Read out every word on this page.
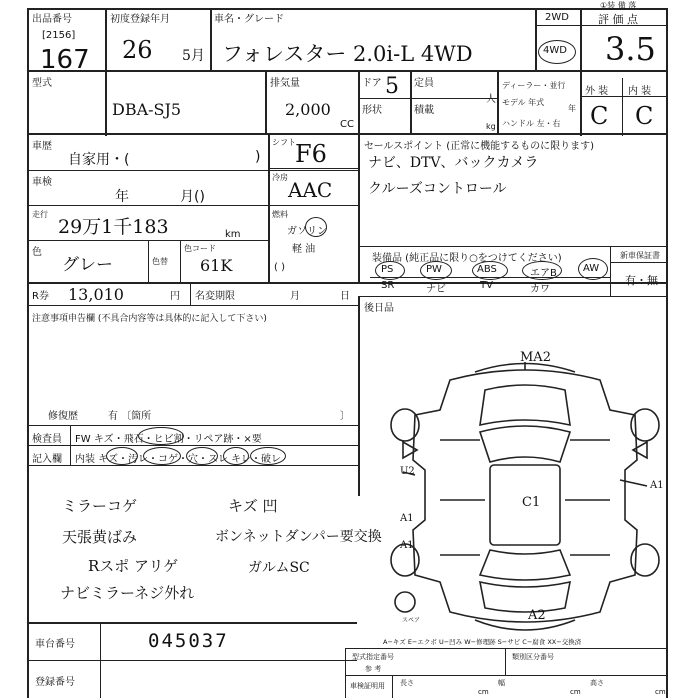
出品番号
[2156]
167
初度登録年月
26 5月
車名・グレード
フォレスター 2.0i-L 4WD
2WD
4WD
①装 備 落
評 価 点
3.5
外 装 内 装
C C
型式
DBA-SJ5
排気量
2,000
CC
ドア 5 定員
人
形状	積載
kg
ディーラー・並行
モデル 年式
年
ハンドル 左・右
車歴
自家用・(	)
車検
年	月()
走行
29万1千183	km
色
グレー	色替
色コード
61K
シフト F6
冷房
AAC
燃料
ガソリン
軽 油
( )
セールスポイント (正常に機能するものに限ります)
ナビ、DTV、バックカメラ
クルーズコントロール
装備品 (純正品に限り○をつけてください)	新車保証書
有・無
PS	PW	ABS	エアB	AW
SR	ナビ	TV	カワ
後日品
R券 13,010	円 名変期限	月	日
注意事項申告欄 (不具合内容等は具体的に記入して下さい)
修復歴	有 〔箇所	〕
検査員
記入欄
FW キズ・飛石・ヒビ割・リペア跡・×要
内装 キズ・汚レ・コゲ・穴・スレ キレ・破レ
ミラーコゲ	キズ 凹
天張黄ばみ	ボンネットダンパー要交換
Rスポ アリゲ	ガルムSC
ナビミラーネジ外れ
MA2
U2
A1
A1
A1
C1
A2
スペア
A−キズ E−エクボ U−凹み W−修理跡 S−サビ C−腐食 XX−交換済
車台番号	045037
登録番号
型式指定番号
参 考
類別区分番号
車検証明用 長さ
cm
幅
cm
高さ
cm
